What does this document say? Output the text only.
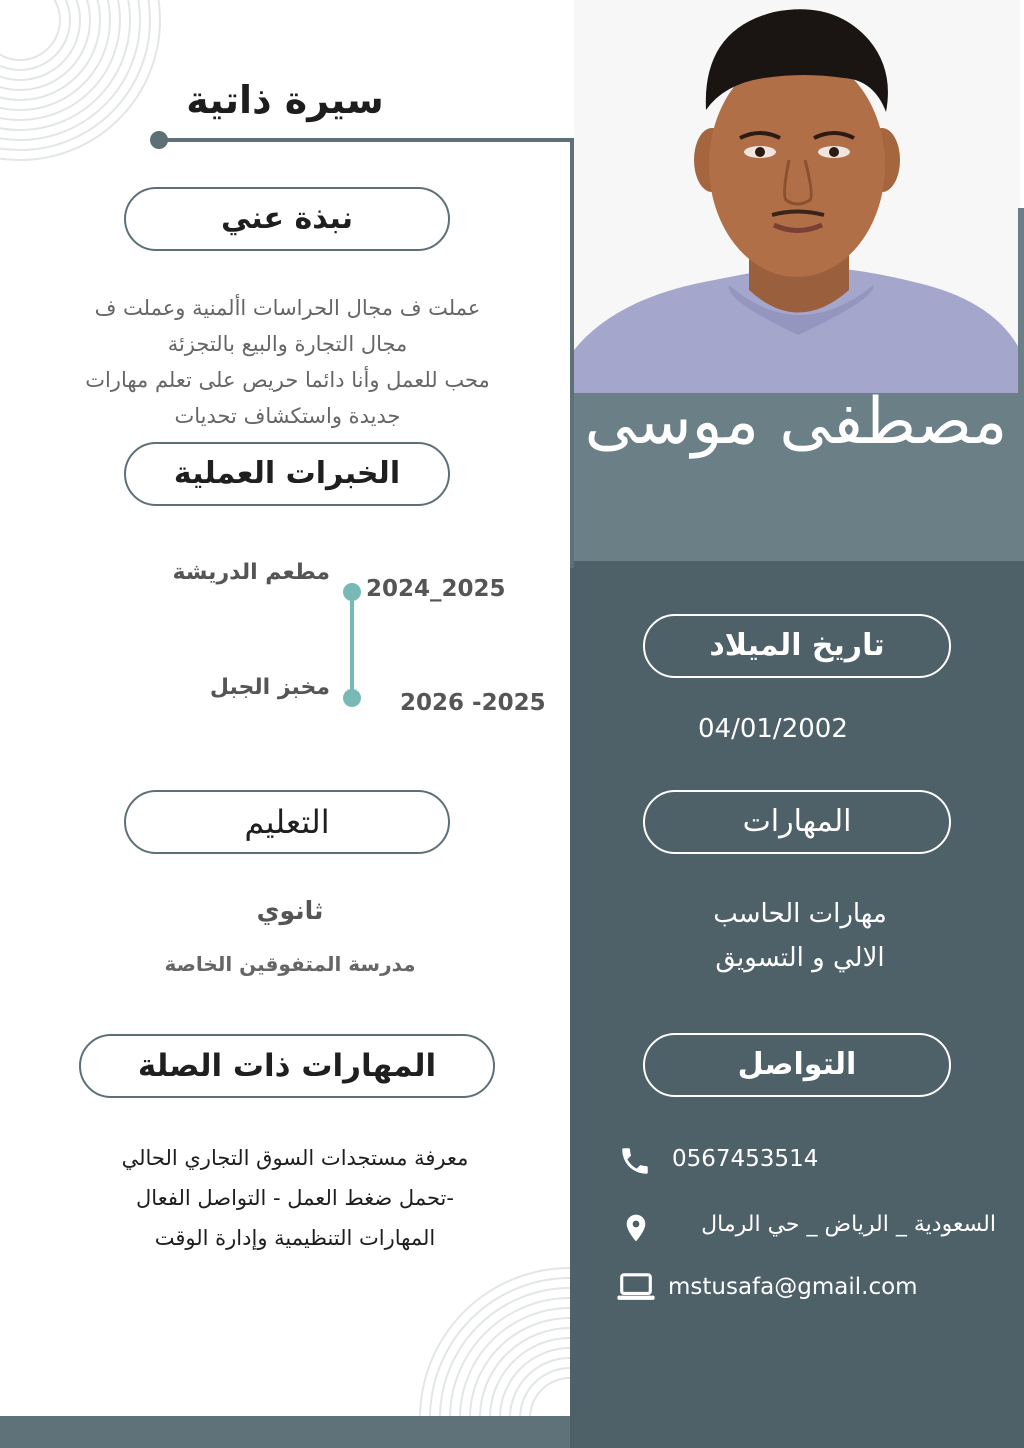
مصطفى موسى
سيرة ذاتية
نبذة عني
عملت ف مجال الحراسات األمنية وعملت ف
مجال التجارة والبيع بالتجزئة
محب للعمل وأنا دائما حريص على تعلم مهارات
جديدة واستكشاف تحديات
الخبرات العملية
مطعم الدريشة
2024_2025
مخبز الجبل
2026 -2025
التعليم
ثانوي
مدرسة المتفوقين الخاصة
المهارات ذات الصلة
معرفة مستجدات السوق التجاري الحالي
-تحمل ضغط العمل - التواصل الفعال
المهارات التنظيمية وإدارة الوقت
تاريخ الميلاد
04/01/2002
المهارات
مهارات الحاسب
الالي و التسويق
التواصل
0567453514
السعودية _ الرياض _ حي الرمال
mstusafa@gmail.com
